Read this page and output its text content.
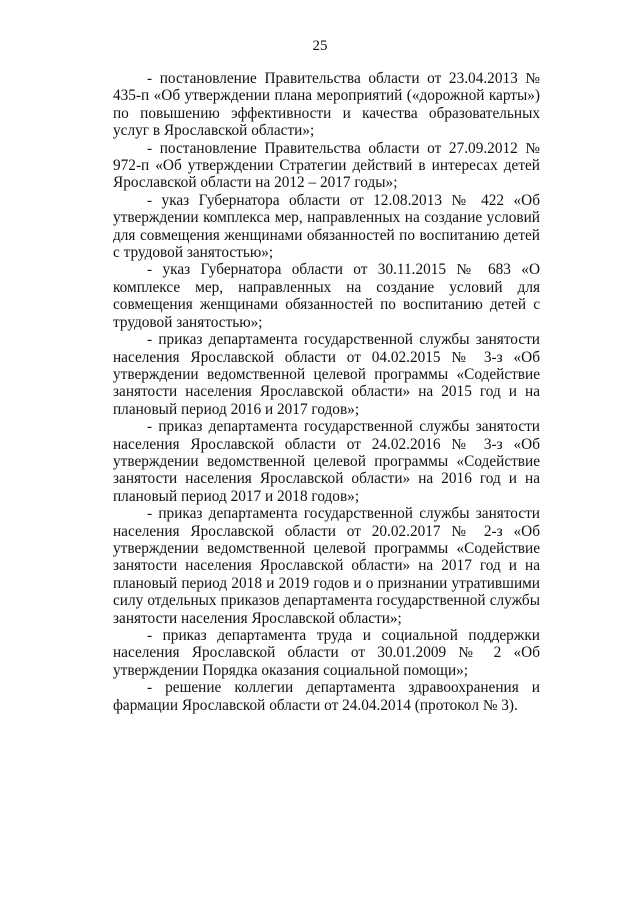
25

- постановление Правительства области от 23.04.2013 № 435-п «Об утверждении плана мероприятий («дорожной карты») по повышению эффективности и качества образовательных услуг в Ярославской области»;

- постановление Правительства области от 27.09.2012 № 972-п «Об утверждении Стратегии действий в интересах детей Ярославской области на 2012 – 2017 годы»;

- указ Губернатора области от 12.08.2013 № 422 «Об утверждении комплекса мер, направленных на создание условий для совмещения женщинами обязанностей по воспитанию детей с трудовой занятостью»;

- указ Губернатора области от 30.11.2015 № 683 «О комплексе мер, направленных на создание условий для совмещения женщинами обязанностей по воспитанию детей с трудовой занятостью»;

- приказ департамента государственной службы занятости населения Ярославской области от 04.02.2015 № 3-з «Об утверждении ведомственной целевой программы «Содействие занятости населения Ярославской области» на 2015 год и на плановый период 2016 и 2017 годов»;

- приказ департамента государственной службы занятости населения Ярославской области от 24.02.2016 № 3-з «Об утверждении ведомственной целевой программы «Содействие занятости населения Ярославской области» на 2016 год и на плановый период 2017 и 2018 годов»;

- приказ департамента государственной службы занятости населения Ярославской области от 20.02.2017 № 2-з «Об утверждении ведомственной целевой программы «Содействие занятости населения Ярославской области» на 2017 год и на плановый период 2018 и 2019 годов и о признании утратившими силу отдельных приказов департамента государственной службы занятости населения Ярославской области»;

- приказ департамента труда и социальной поддержки населения Ярославской области от 30.01.2009 № 2 «Об утверждении Порядка оказания социальной помощи»;

- решение коллегии департамента здравоохранения и фармации Ярославской области от 24.04.2014 (протокол № 3).
